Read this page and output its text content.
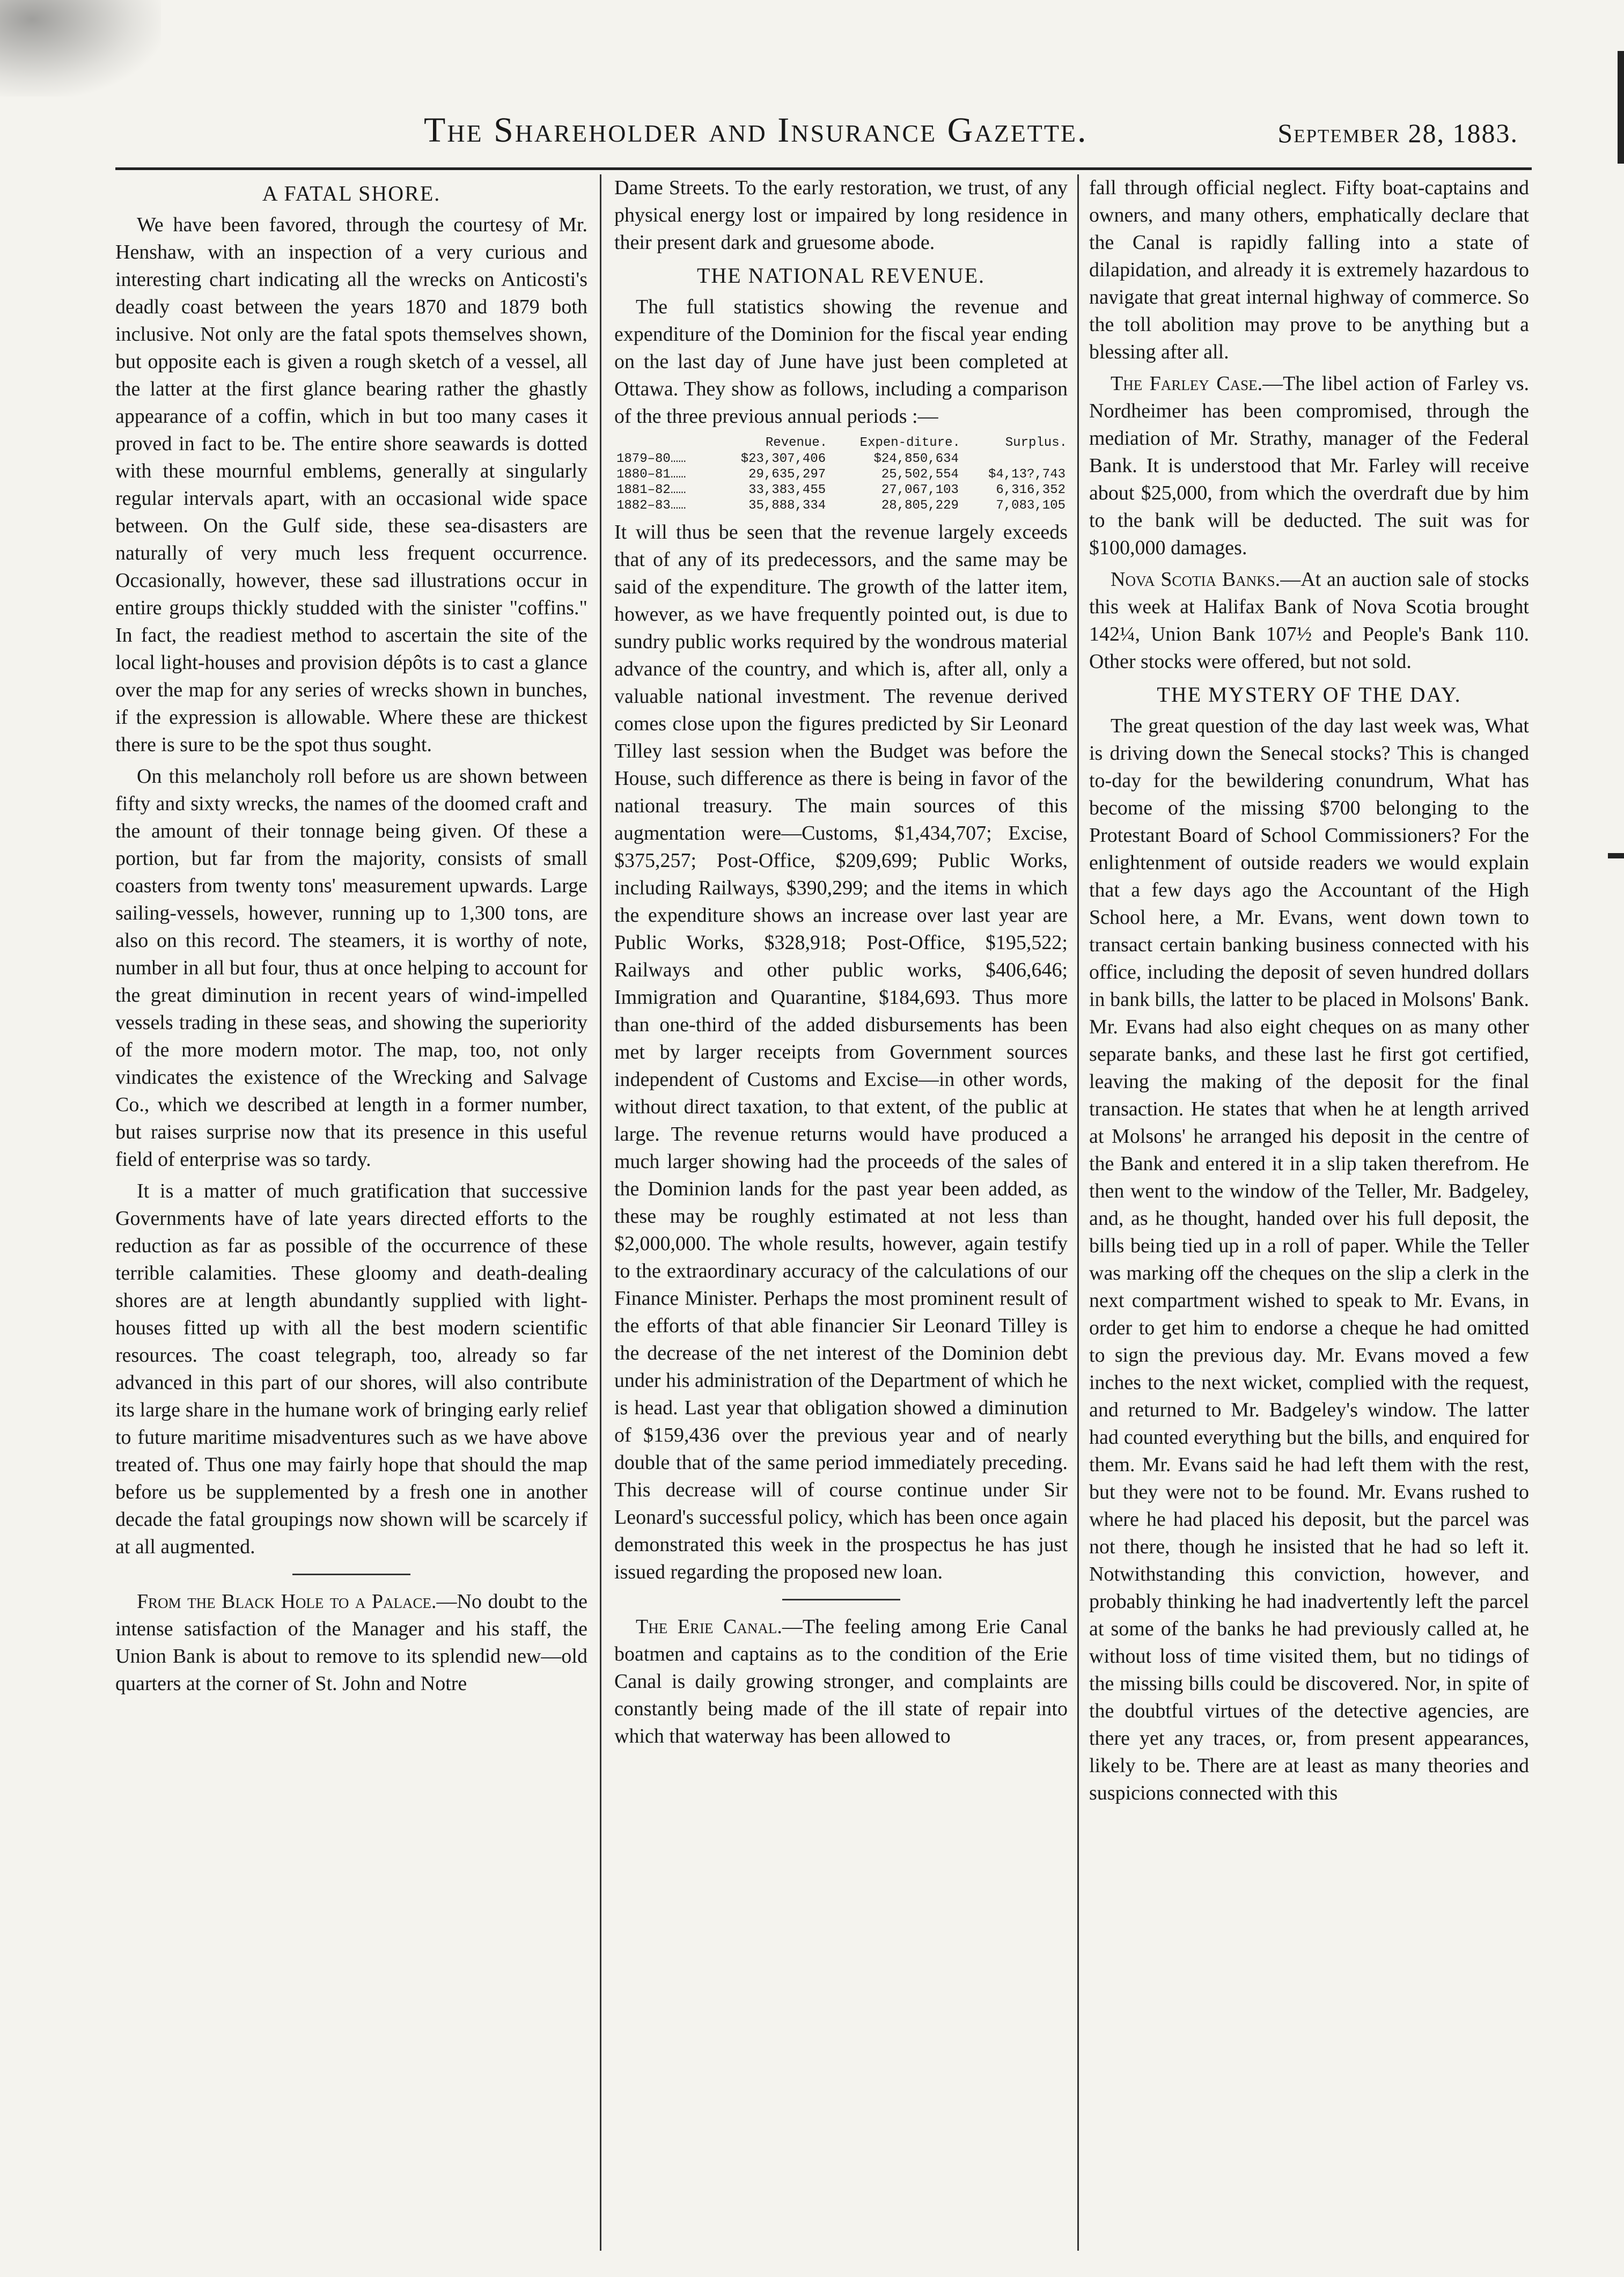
The Shareholder and Insurance Gazette.	September 28, 1883.
A FATAL SHORE.

We have been favored, through the courtesy of Mr. Henshaw, with an inspection of a very curious and interesting chart indicating all the wrecks on Anticosti's deadly coast between the years 1870 and 1879 both inclusive. Not only are the fatal spots themselves shown, but opposite each is given a rough sketch of a vessel, all the latter at the first glance bearing rather the ghastly appearance of a coffin, which in but too many cases it proved in fact to be. The entire shore seawards is dotted with these mournful emblems, generally at singularly regular intervals apart, with an occasional wide space between. On the Gulf side, these sea-disasters are naturally of very much less frequent occurrence. Occasionally, however, these sad illustrations occur in entire groups thickly studded with the sinister "coffins." In fact, the readiest method to ascertain the site of the local light-houses and provision dépôts is to cast a glance over the map for any series of wrecks shown in bunches, if the expression is allowable. Where these are thickest there is sure to be the spot thus sought.

On this melancholy roll before us are shown between fifty and sixty wrecks, the names of the doomed craft and the amount of their tonnage being given. Of these a portion, but far from the majority, consists of small coasters from twenty tons' measurement upwards. Large sailing-vessels, however, running up to 1,300 tons, are also on this record. The steamers, it is worthy of note, number in all but four, thus at once helping to account for the great diminution in recent years of wind-impelled vessels trading in these seas, and showing the superiority of the more modern motor. The map, too, not only vindicates the existence of the Wrecking and Salvage Co., which we described at length in a former number, but raises surprise now that its presence in this useful field of enterprise was so tardy.

It is a matter of much gratification that successive Governments have of late years directed efforts to the reduction as far as possible of the occurrence of these terrible calamities. These gloomy and death-dealing shores are at length abundantly supplied with light-houses fitted up with all the best modern scientific resources. The coast telegraph, too, already so far advanced in this part of our shores, will also contribute its large share in the humane work of bringing early relief to future maritime misadventures such as we have above treated of. Thus one may fairly hope that should the map before us be supplemented by a fresh one in another decade the fatal groupings now shown will be scarcely if at all augmented.

From the Black Hole to a Palace.—No doubt to the intense satisfaction of the Manager and his staff, the Union Bank is about to remove to its splendid new—old quarters at the corner of St. John and Notre

Dame Streets. To the early restoration, we trust, of any physical energy lost or impaired by long residence in their present dark and gruesome abode.

THE NATIONAL REVENUE.

The full statistics showing the revenue and expenditure of the Dominion for the fiscal year ending on the last day of June have just been completed at Ottawa. They show as follows, including a comparison of the three previous annual periods :—

	Revenue.	Expen-diture.	Surplus.
1879–80……	$23,307,406	$24,850,634	
1880–81……	29,635,297	25,502,554	$4,13?,743
1881–82……	33,383,455	27,067,103	6,316,352
1882–83……	35,888,334	28,805,229	7,083,105

It will thus be seen that the revenue largely exceeds that of any of its predecessors, and the same may be said of the expenditure. The growth of the latter item, however, as we have frequently pointed out, is due to sundry public works required by the wondrous material advance of the country, and which is, after all, only a valuable national investment. The revenue derived comes close upon the figures predicted by Sir Leonard Tilley last session when the Budget was before the House, such difference as there is being in favor of the national treasury. The main sources of this augmentation were—Customs, $1,434,707; Excise, $375,257; Post-Office, $209,699; Public Works, including Railways, $390,299; and the items in which the expenditure shows an increase over last year are Public Works, $328,918; Post-Office, $195,522; Railways and other public works, $406,646; Immigration and Quarantine, $184,693. Thus more than one-third of the added disbursements has been met by larger receipts from Government sources independent of Customs and Excise—in other words, without direct taxation, to that extent, of the public at large. The revenue returns would have produced a much larger showing had the proceeds of the sales of the Dominion lands for the past year been added, as these may be roughly estimated at not less than $2,000,000. The whole results, however, again testify to the extraordinary accuracy of the calculations of our Finance Minister. Perhaps the most prominent result of the efforts of that able financier Sir Leonard Tilley is the decrease of the net interest of the Dominion debt under his administration of the Department of which he is head. Last year that obligation showed a diminution of $159,436 over the previous year and of nearly double that of the same period immediately preceding. This decrease will of course continue under Sir Leonard's successful policy, which has been once again demonstrated this week in the prospectus he has just issued regarding the proposed new loan.

The Erie Canal.—The feeling among Erie Canal boatmen and captains as to the condition of the Erie Canal is daily growing stronger, and complaints are constantly being made of the ill state of repair into which that waterway has been allowed to

fall through official neglect. Fifty boat-captains and owners, and many others, emphatically declare that the Canal is rapidly falling into a state of dilapidation, and already it is extremely hazardous to navigate that great internal highway of commerce. So the toll abolition may prove to be anything but a blessing after all.

The Farley Case.—The libel action of Farley vs. Nordheimer has been compromised, through the mediation of Mr. Strathy, manager of the Federal Bank. It is understood that Mr. Farley will receive about $25,000, from which the overdraft due by him to the bank will be deducted. The suit was for $100,000 damages.

Nova Scotia Banks.—At an auction sale of stocks this week at Halifax Bank of Nova Scotia brought 142¼, Union Bank 107½ and People's Bank 110. Other stocks were offered, but not sold.

THE MYSTERY OF THE DAY.

The great question of the day last week was, What is driving down the Senecal stocks? This is changed to-day for the bewildering conundrum, What has become of the missing $700 belonging to the Protestant Board of School Commissioners? For the enlightenment of outside readers we would explain that a few days ago the Accountant of the High School here, a Mr. Evans, went down town to transact certain banking business connected with his office, including the deposit of seven hundred dollars in bank bills, the latter to be placed in Molsons' Bank. Mr. Evans had also eight cheques on as many other separate banks, and these last he first got certified, leaving the making of the deposit for the final transaction. He states that when he at length arrived at Molsons' he arranged his deposit in the centre of the Bank and entered it in a slip taken therefrom. He then went to the window of the Teller, Mr. Badgeley, and, as he thought, handed over his full deposit, the bills being tied up in a roll of paper. While the Teller was marking off the cheques on the slip a clerk in the next compartment wished to speak to Mr. Evans, in order to get him to endorse a cheque he had omitted to sign the previous day. Mr. Evans moved a few inches to the next wicket, complied with the request, and returned to Mr. Badgeley's window. The latter had counted everything but the bills, and enquired for them. Mr. Evans said he had left them with the rest, but they were not to be found. Mr. Evans rushed to where he had placed his deposit, but the parcel was not there, though he insisted that he had so left it. Notwithstanding this conviction, however, and probably thinking he had inadvertently left the parcel at some of the banks he had previously called at, he without loss of time visited them, but no tidings of the missing bills could be discovered. Nor, in spite of the doubtful virtues of the detective agencies, are there yet any traces, or, from present appearances, likely to be. There are at least as many theories and suspicions connected with this
